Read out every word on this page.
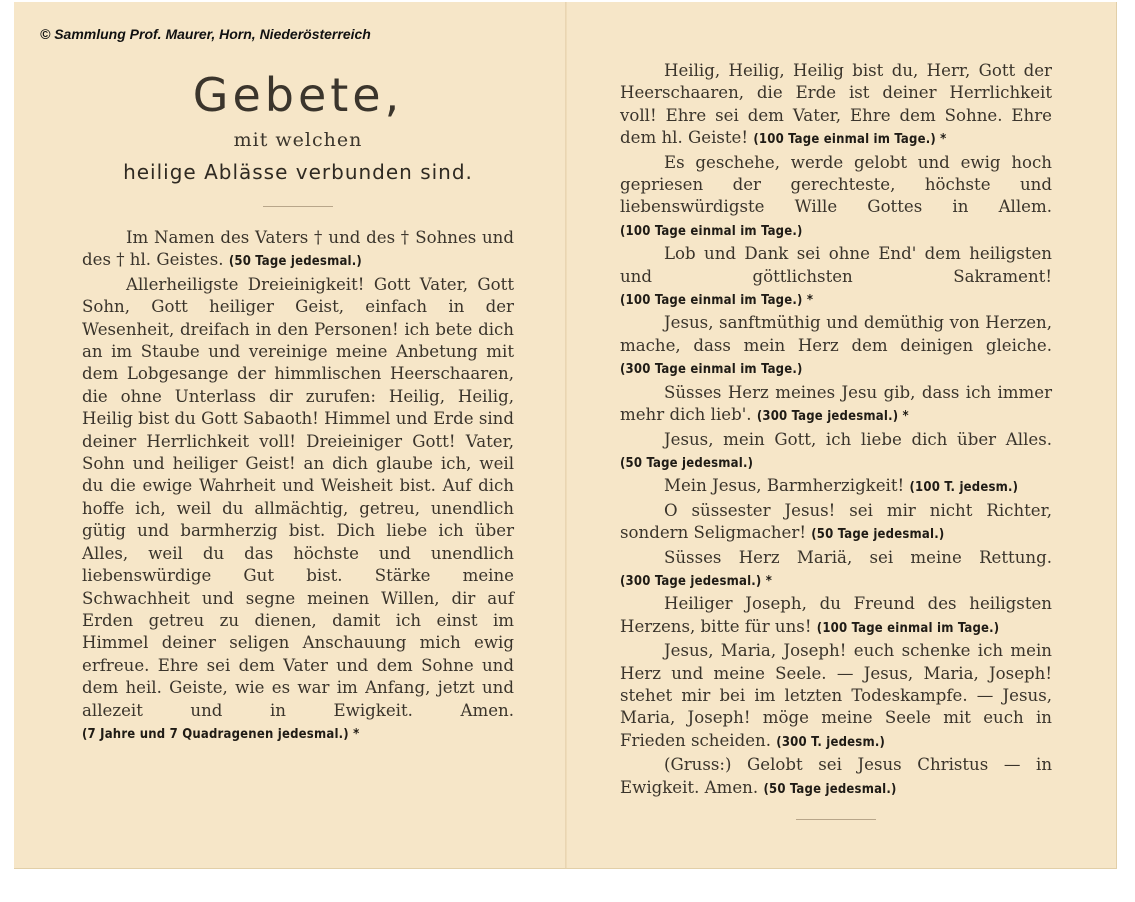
© Sammlung Prof. Maurer, Horn, Niederösterreich
Gebete,
mit welchen
heilige Ablässe verbunden sind.

Im Namen des Vaters † und des † Sohnes und des † hl. Geistes. (50 Tage jedesmal.)

Allerheiligste Dreieinigkeit! Gott Vater, Gott Sohn, Gott heiliger Geist, einfach in der Wesenheit, dreifach in den Personen! ich bete dich an im Staube und vereinige meine Anbetung mit dem Lobgesange der himmlischen Heerschaaren, die ohne Unterlass dir zurufen: Heilig, Heilig, Heilig bist du Gott Sabaoth! Himmel und Erde sind deiner Herrlichkeit voll! Dreieiniger Gott! Vater, Sohn und heiliger Geist! an dich glaube ich, weil du die ewige Wahrheit und Weisheit bist. Auf dich hoffe ich, weil du allmächtig, getreu, unendlich gütig und barmherzig bist. Dich liebe ich über Alles, weil du das höchste und unendlich liebenswürdige Gut bist. Stärke meine Schwachheit und segne meinen Willen, dir auf Erden getreu zu dienen, damit ich einst im Himmel deiner seligen Anschauung mich ewig erfreue. Ehre sei dem Vater und dem Sohne und dem heil. Geiste, wie es war im Anfang, jetzt und allezeit und in Ewigkeit. Amen. (7 Jahre und 7 Quadragenen jedesmal.) *

Heilig, Heilig, Heilig bist du, Herr, Gott der Heerschaaren, die Erde ist deiner Herrlichkeit voll! Ehre sei dem Vater, Ehre dem Sohne. Ehre dem hl. Geiste! (100 Tage einmal im Tage.) *

Es geschehe, werde gelobt und ewig hoch gepriesen der gerechteste, höchste und liebenswürdigste Wille Gottes in Allem. (100 Tage einmal im Tage.)

Lob und Dank sei ohne End' dem heiligsten und göttlichsten Sakrament! (100 Tage einmal im Tage.) *

Jesus, sanftmüthig und demüthig von Herzen, mache, dass mein Herz dem deinigen gleiche. (300 Tage einmal im Tage.)

Süsses Herz meines Jesu gib, dass ich immer mehr dich lieb'. (300 Tage jedesmal.) *

Jesus, mein Gott, ich liebe dich über Alles. (50 Tage jedesmal.)

Mein Jesus, Barmherzigkeit! (100 T. jedesm.)

O süssester Jesus! sei mir nicht Richter, sondern Seligmacher! (50 Tage jedesmal.)

Süsses Herz Mariä, sei meine Rettung. (300 Tage jedesmal.) *

Heiliger Joseph, du Freund des heiligsten Herzens, bitte für uns! (100 Tage einmal im Tage.)

Jesus, Maria, Joseph! euch schenke ich mein Herz und meine Seele. — Jesus, Maria, Joseph! stehet mir bei im letzten Todeskampfe. — Jesus, Maria, Joseph! möge meine Seele mit euch in Frieden scheiden. (300 T. jedesm.)

(Gruss:) Gelobt sei Jesus Christus — in Ewigkeit. Amen. (50 Tage jedesmal.)
